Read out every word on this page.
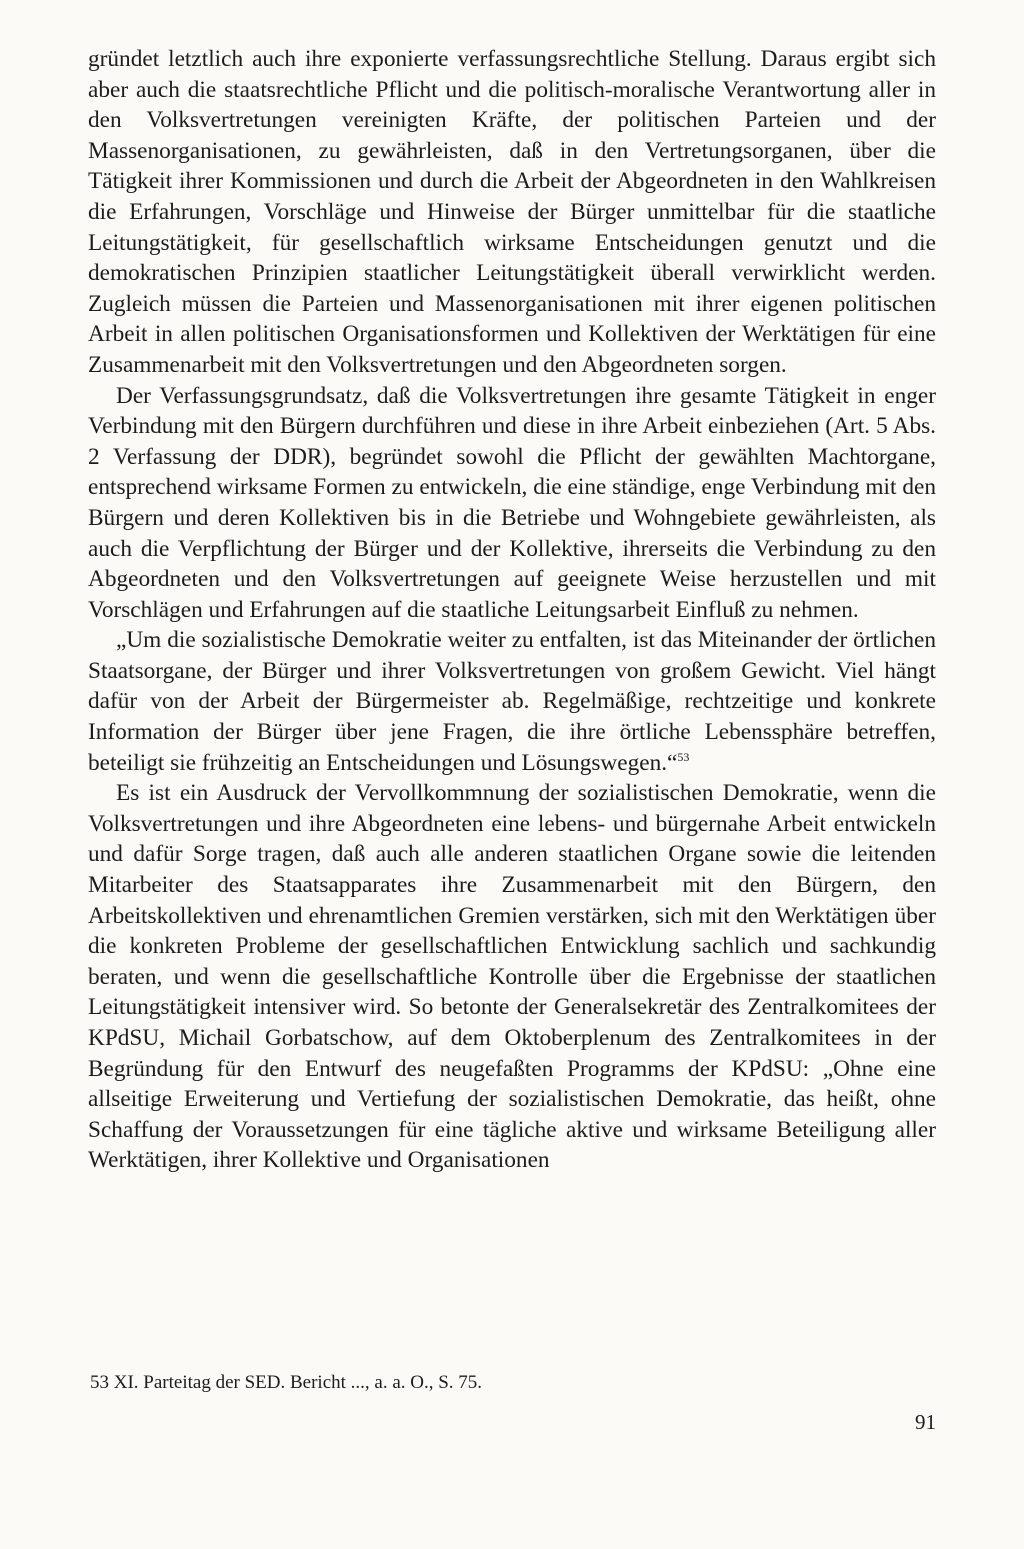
gründet letztlich auch ihre exponierte verfassungsrechtliche Stellung. Daraus ergibt sich aber auch die staatsrechtliche Pflicht und die politisch-moralische Verantwortung aller in den Volksvertretungen vereinigten Kräfte, der politischen Parteien und der Massenorganisationen, zu gewährleisten, daß in den Vertretungsorganen, über die Tätigkeit ihrer Kommissionen und durch die Arbeit der Abgeordneten in den Wahlkreisen die Erfahrungen, Vorschläge und Hinweise der Bürger unmittelbar für die staatliche Leitungstätigkeit, für gesellschaftlich wirksame Entscheidungen genutzt und die demokratischen Prinzipien staatlicher Leitungstätigkeit überall verwirklicht werden. Zugleich müssen die Parteien und Massenorganisationen mit ihrer eigenen politischen Arbeit in allen politischen Organisationsformen und Kollektiven der Werktätigen für eine Zusammenarbeit mit den Volksvertretungen und den Abgeordneten sorgen.

Der Verfassungsgrundsatz, daß die Volksvertretungen ihre gesamte Tätigkeit in enger Verbindung mit den Bürgern durchführen und diese in ihre Arbeit einbeziehen (Art. 5 Abs. 2 Verfassung der DDR), begründet sowohl die Pflicht der gewählten Machtorgane, entsprechend wirksame Formen zu entwickeln, die eine ständige, enge Verbindung mit den Bürgern und deren Kollektiven bis in die Betriebe und Wohngebiete gewährleisten, als auch die Verpflichtung der Bürger und der Kollektive, ihrerseits die Verbindung zu den Abgeordneten und den Volksvertretungen auf geeignete Weise herzustellen und mit Vorschlägen und Erfahrungen auf die staatliche Leitungsarbeit Einfluß zu nehmen.

„Um die sozialistische Demokratie weiter zu entfalten, ist das Miteinander der örtlichen Staatsorgane, der Bürger und ihrer Volksvertretungen von großem Gewicht. Viel hängt dafür von der Arbeit der Bürgermeister ab. Regelmäßige, rechtzeitige und konkrete Information der Bürger über jene Fragen, die ihre örtliche Lebenssphäre betreffen, beteiligt sie frühzeitig an Entscheidungen und Lösungswegen.“$^{53}$

Es ist ein Ausdruck der Vervollkommnung der sozialistischen Demokratie, wenn die Volksvertretungen und ihre Abgeordneten eine lebens- und bürgernahe Arbeit entwickeln und dafür Sorge tragen, daß auch alle anderen staatlichen Organe sowie die leitenden Mitarbeiter des Staatsapparates ihre Zusammenarbeit mit den Bürgern, den Arbeitskollektiven und ehrenamtlichen Gremien verstärken, sich mit den Werktätigen über die konkreten Probleme der gesellschaftlichen Entwicklung sachlich und sachkundig beraten, und wenn die gesellschaftliche Kontrolle über die Ergebnisse der staatlichen Leitungstätigkeit intensiver wird. So betonte der Generalsekretär des Zentralkomitees der KPdSU, Michail Gorbatschow, auf dem Oktoberplenum des Zentralkomitees in der Begründung für den Entwurf des neugefaßten Programms der KPdSU: „Ohne eine allseitige Erweiterung und Vertiefung der sozialistischen Demokratie, das heißt, ohne Schaffung der Voraussetzungen für eine tägliche aktive und wirksame Beteiligung aller Werktätigen, ihrer Kollektive und Organisationen

53 XI. Parteitag der SED. Bericht ..., a. a. O., S. 75.

91
